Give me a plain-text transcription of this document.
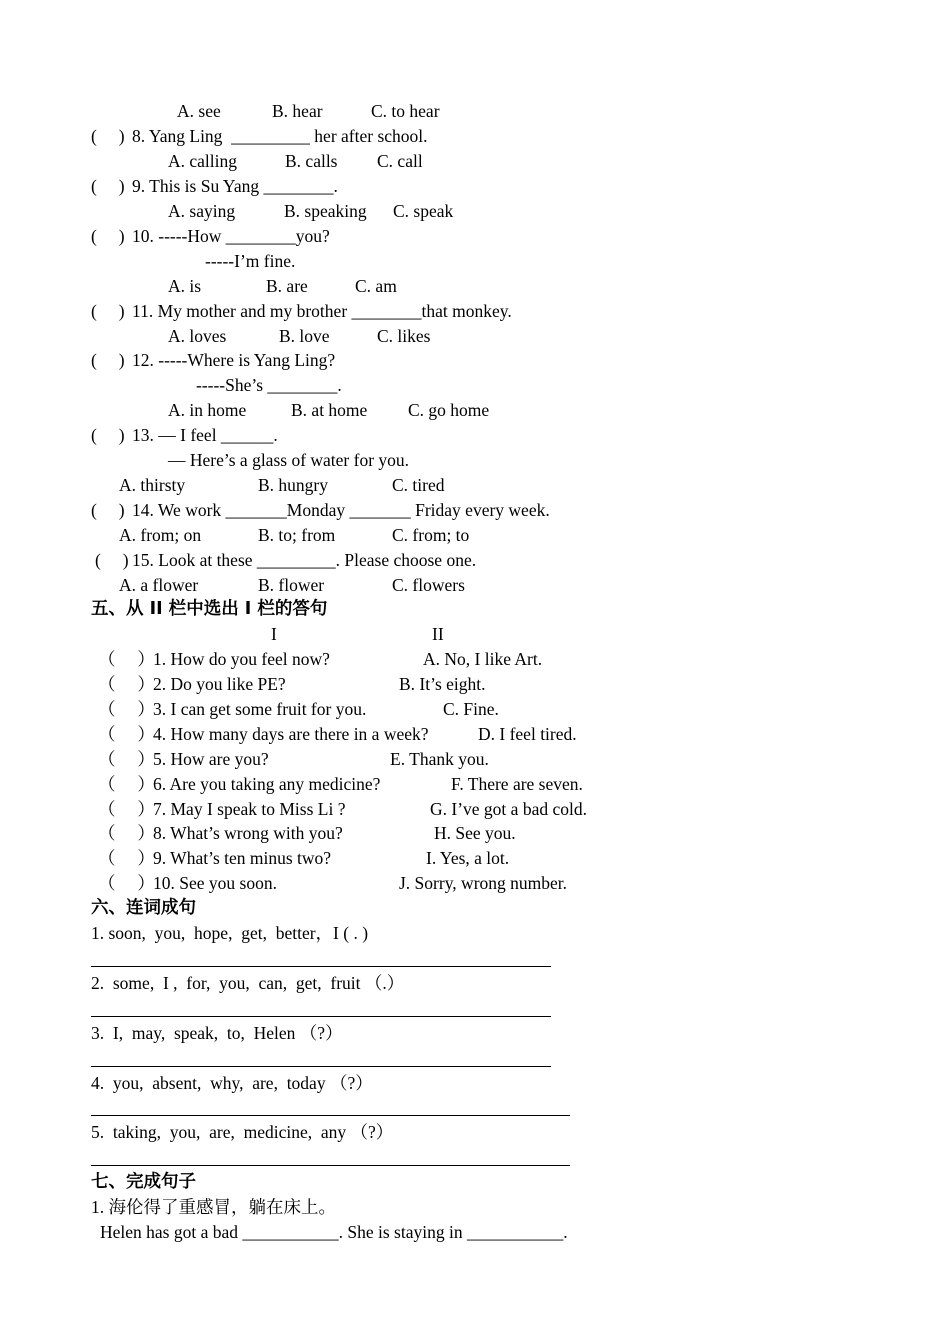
A. see	B. hear	C. to hear
(     ) 8. Yang Ling  _________ her after school.
A. calling	B. calls C. call
(     ) 9. This is Su Yang ________.
A. saying	B. speaking C. speak
(     ) 10. -----How ________you?
-----I’m fine.
A. is	B. are	C. am
(     ) 11. My mother and my brother ________that monkey.
A. loves	B. love	C. likes
(     ) 12. -----Where is Yang Ling?
-----She’s ________.
A. in home	B. at home C. go home
(     ) 13. — I feel ______.
— Here’s a glass of water for you.
A. thirsty	B. hungry	C. tired
(     ) 14. We work _______Monday _______ Friday every week.
A. from; on	B. to; from	C. from; to
(     ) 15. Look at these _________. Please choose one.
A. a flower	B. flower	C. flowers
五、从 II 栏中选出 I 栏的答句
I	II
（     ）
1. How do you feel now?	A. No, I like Art.
（     ）
2. Do you like PE?	B. It’s eight.
（     ）
3. I can get some fruit for you.	C. Fine.
（     ）
4. How many days are there in a week?	D. I feel tired.
（     ）
5. How are you?	E. Thank you.
（     ）
6. Are you taking any medicine?	F. There are seven.
（     ）
7. May I speak to Miss Li ?	G. I’ve got a bad cold.
（     ）
8. What’s wrong with you?	H. See you.
（     ）
9. What’s ten minus two?	I. Yes, a lot.
（     ）
10. See you soon.	J. Sorry, wrong number.
六、连词成句
1. soon,  you,  hope,  get,  better，I ( . )
2.  some,  I ,  for,  you,  can,  get,  fruit （.）
3.  I,  may,  speak,  to,  Helen （?）
4.  you,  absent,  why,  are,  today （?）
5.  taking,  you,  are,  medicine,  any （?）
七、完成句子
1. 海伦得了重感冒，躺在床上。
Helen has got a bad ___________. She is staying in ___________.
